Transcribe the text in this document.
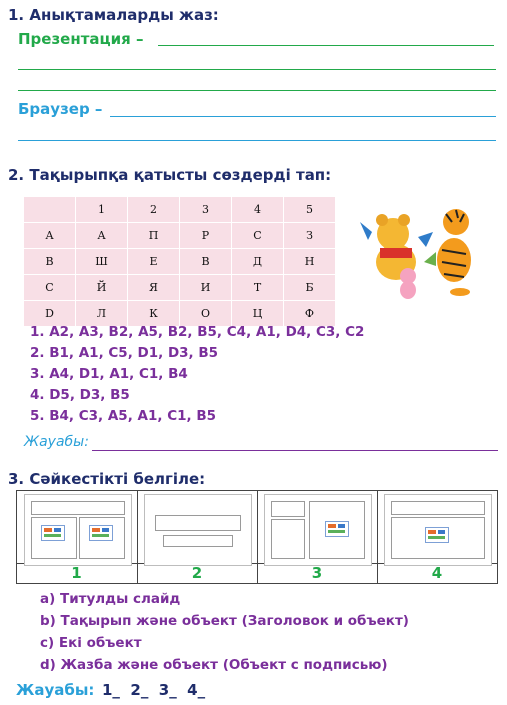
1. Анықтамаларды жаз:
Презентация –
Браузер –
2. Тақырыпқа қатысты сөздерді тап:
	1	2	3	4	5
А	А	П	Р	С	З
В	Ш	Е	В	Д	Н
С	Й	Я	И	Т	Б
D	Л	К	О	Ц	Ф
1. A2, A3, B2, A5, B2, B5, C4, A1, D4, C3, C2
2. B1, A1, C5, D1, D3, B5
3. A4, D1, A1, C1, B4
4. D5, D3, B5
5. B4, C3, A5, A1, C1, B5
Жауабы:
3. Сәйкестікті белгіле:
1	2	3	4
a) Титулды слайд
b) Тақырып және объект (Заголовок и объект)
c) Екі объект
d) Жазба және объект (Объект с подписью)
Жауабы: 1_  2_  3_  4_
